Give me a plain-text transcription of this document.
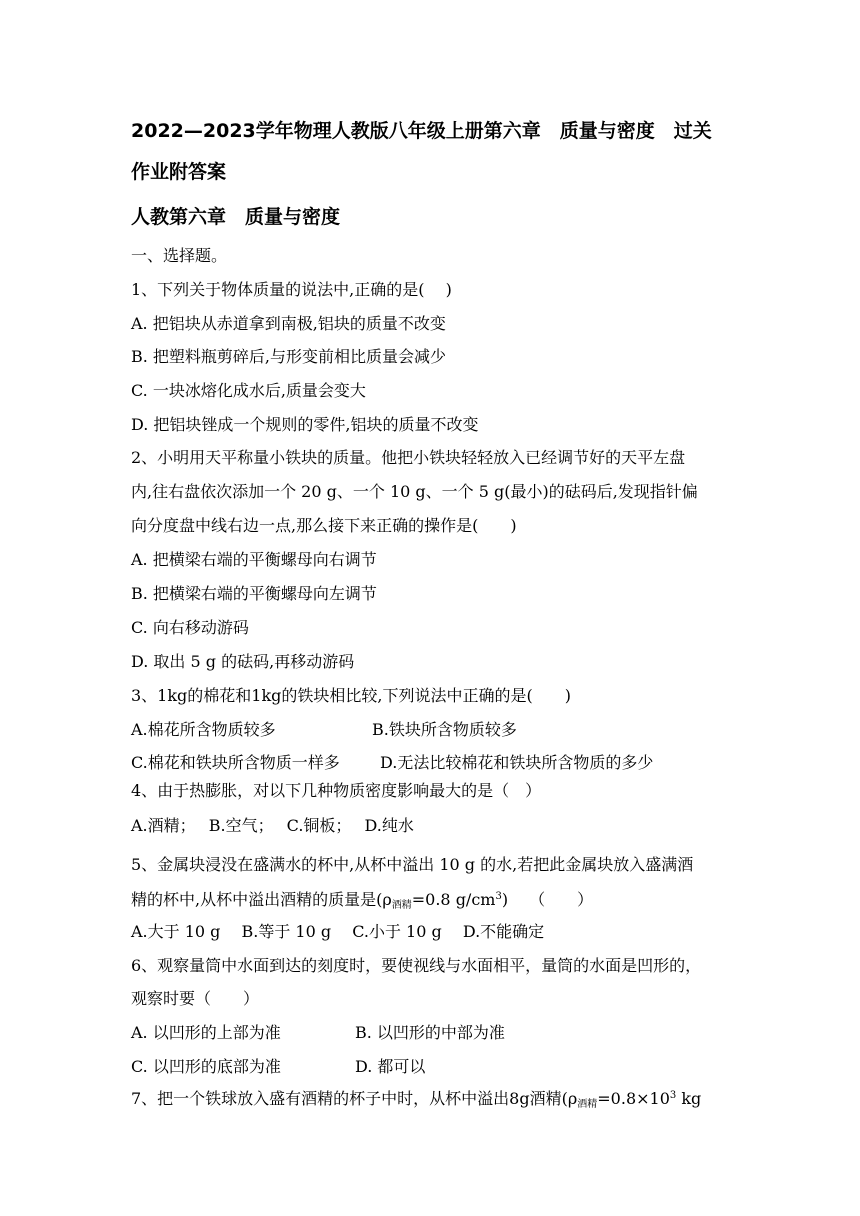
2022—2023学年物理人教版八年级上册第六章　质量与密度　过关
作业附答案
人教第六章　质量与密度
一、选择题。
1、下列关于物体质量的说法中,正确的是(　 )
A. 把铝块从赤道拿到南极,铝块的质量不改变
B. 把塑料瓶剪碎后,与形变前相比质量会减少
C. 一块冰熔化成水后,质量会变大
D. 把铝块锉成一个规则的零件,铝块的质量不改变
2、小明用天平称量小铁块的质量。他把小铁块轻轻放入已经调节好的天平左盘
内,往右盘依次添加一个 20 g、一个 10 g、一个 5 g(最小)的砝码后,发现指针偏
向分度盘中线右边一点,那么接下来正确的操作是(　　)
A. 把横梁右端的平衡螺母向右调节
B. 把横梁右端的平衡螺母向左调节
C. 向右移动游码
D. 取出 5 g 的砝码,再移动游码
3、1kg的棉花和1kg的铁块相比较,下列说法中正确的是(　　)
A.棉花所含物质较多	B.铁块所含物质较多
C.棉花和铁块所含物质一样多	D.无法比较棉花和铁块所含物质的多少
4、由于热膨胀，对以下几种物质密度影响最大的是（　）
A.酒精；　 B.空气；　 C.铜板；　 D.纯水
5、金属块浸没在盛满水的杯中,从杯中溢出 10 g 的水,若把此金属块放入盛满酒
精的杯中,从杯中溢出酒精的质量是($\rho_{酒精}=0.8$ $g/cm^3$)　 （　　）
A.大于 10 g　 B.等于 10 g　 C.小于 10 g　 D.不能确定
6、观察量筒中水面到达的刻度时，要使视线与水面相平，量筒的水面是凹形的，
观察时要（　　）
A. 以凹形的上部为准	B. 以凹形的中部为准
C. 以凹形的底部为准	D. 都可以
7、把一个铁球放入盛有酒精的杯子中时，从杯中溢出8g酒精($\rho_{酒精}=0.8\times 10^3$ kg
